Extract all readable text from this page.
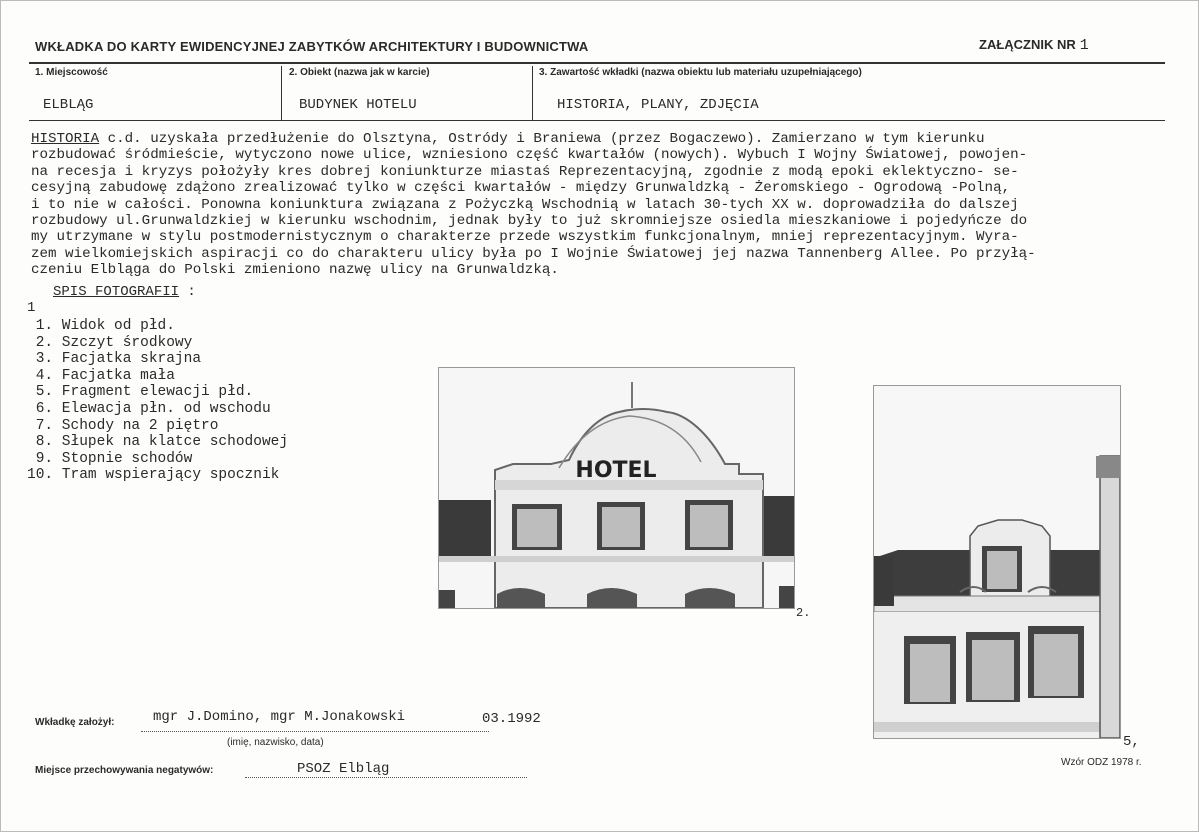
WKŁADKA DO KARTY EWIDENCYJNEJ ZABYTKÓW ARCHITEKTURY I BUDOWNICTWA	ZAŁĄCZNIK NR 1
1. Miejscowość
ELBLĄG
2. Obiekt (nazwa jak w karcie)
BUDYNEK HOTELU
3. Zawartość wkładki (nazwa obiektu lub materiału uzupełniającego)
HISTORIA, PLANY, ZDJĘCIA
HISTORIA c.d. uzyskała przedłużenie do Olsztyna, Ostródy i Braniewa (przez Bogaczewo). Zamierzano w tym kierunku
rozbudować śródmieście, wytyczono nowe ulice, wzniesiono część kwartałów (nowych). Wybuch I Wojny Światowej, powojen-
na recesja i kryzys położyły kres dobrej koniunkturze miastaś Reprezentacyjną, zgodnie z modą epoki eklektyczno- se-
cesyjną zabudowę zdążono zrealizować tylko w części kwartałów - między Grunwaldzką - Żeromskiego - Ogrodową -Polną,
i to nie w całości. Ponowna koniunktura związana z Pożyczką Wschodnią w latach 30-tych XX w. doprowadziła do dalszej
rozbudowy ul.Grunwaldzkiej w kierunku wschodnim, jednak były to już skromniejsze osiedla mieszkaniowe i pojedyńcze do
my utrzymane w stylu postmodernistycznym o charakterze przede wszystkim funkcjonalnym, mniej reprezentacyjnym. Wyra-
zem wielkomiejskich aspiracji co do charakteru ulicy była po I Wojnie Światowej jej nazwa Tannenberg Allee. Po przyłą-
czeniu Elbląga do Polski zmieniono nazwę ulicy na Grunwaldzką.
SPIS FOTOGRAFII :
1
1. Widok od płd.
2. Szczyt środkowy
3. Facjatka skrajna
4. Facjatka mała
5. Fragment elewacji płd.
6. Elewacja płn. od wschodu
7. Schody na 2 piętro
8. Słupek na klatce schodowej
9. Stopnie schodów
10. Tram wspierający spocznik	HOTEL
2.
5,
Wkładkę założył:	mgr J.Domino, mgr M.Jonakowski	03.1992
(imię, nazwisko, data)
Miejsce przechowywania negatywów:	PSOZ Elbląg	Wzór ODZ 1978 r.
